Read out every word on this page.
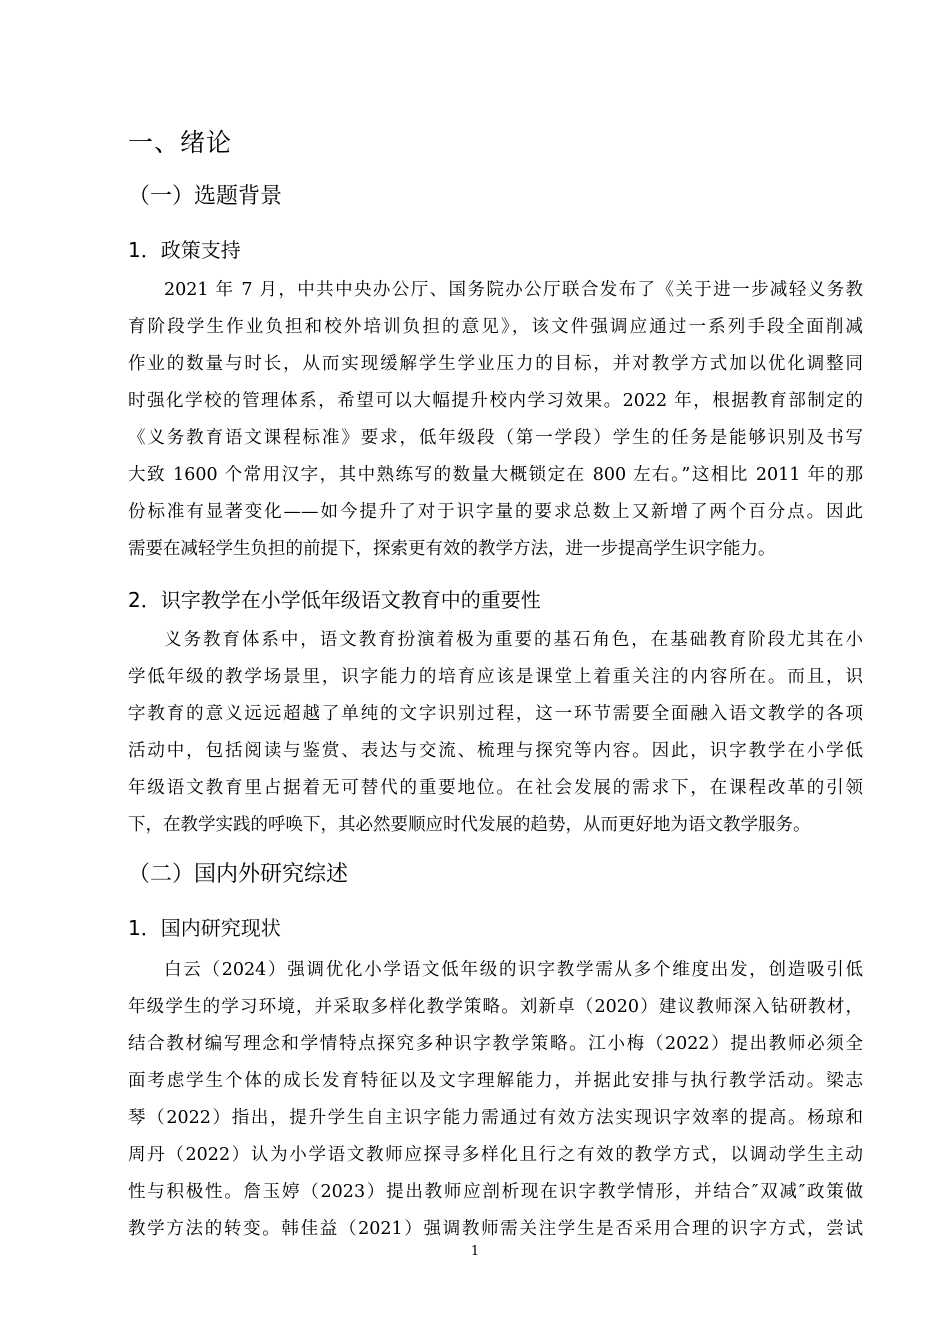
一、绪论
（一）选题背景
1．政策支持
2021 年 7 月，中共中央办公厅、国务院办公厅联合发布了《关于进一步减轻义务教
育阶段学生作业负担和校外培训负担的意见》，该文件强调应通过一系列手段全面削减
作业的数量与时长，从而实现缓解学生学业压力的目标，并对教学方式加以优化调整同
时强化学校的管理体系，希望可以大幅提升校内学习效果。2022 年，根据教育部制定的
《义务教育语文课程标准》要求，低年级段（第一学段）学生的任务是能够识别及书写
大致 1600 个常用汉字，其中熟练写的数量大概锁定在 800 左右。”这相比 2011 年的那
份标准有显著变化——如今提升了对于识字量的要求总数上又新增了两个百分点。因此
需要在减轻学生负担的前提下，探索更有效的教学方法，进一步提高学生识字能力。
2．识字教学在小学低年级语文教育中的重要性
义务教育体系中，语文教育扮演着极为重要的基石角色，在基础教育阶段尤其在小
学低年级的教学场景里，识字能力的培育应该是课堂上着重关注的内容所在。而且，识
字教育的意义远远超越了单纯的文字识别过程，这一环节需要全面融入语文教学的各项
活动中，包括阅读与鉴赏、表达与交流、梳理与探究等内容。因此，识字教学在小学低
年级语文教育里占据着无可替代的重要地位。在社会发展的需求下，在课程改革的引领
下，在教学实践的呼唤下，其必然要顺应时代发展的趋势，从而更好地为语文教学服务。
（二）国内外研究综述
1．国内研究现状
白云（2024）强调优化小学语文低年级的识字教学需从多个维度出发，创造吸引低
年级学生的学习环境，并采取多样化教学策略。刘新卓（2020）建议教师深入钻研教材，
结合教材编写理念和学情特点探究多种识字教学策略。江小梅（2022）提出教师必须全
面考虑学生个体的成长发育特征以及文字理解能力，并据此安排与执行教学活动。梁志
琴（2022）指出，提升学生自主识字能力需通过有效方法实现识字效率的提高。杨琼和
周丹（2022）认为小学语文教师应探寻多样化且行之有效的教学方式，以调动学生主动
性与积极性。詹玉婷（2023）提出教师应剖析现在识字教学情形，并结合″双减″政策做
教学方法的转变。韩佳益（2021）强调教师需关注学生是否采用合理的识字方式，尝试
1
